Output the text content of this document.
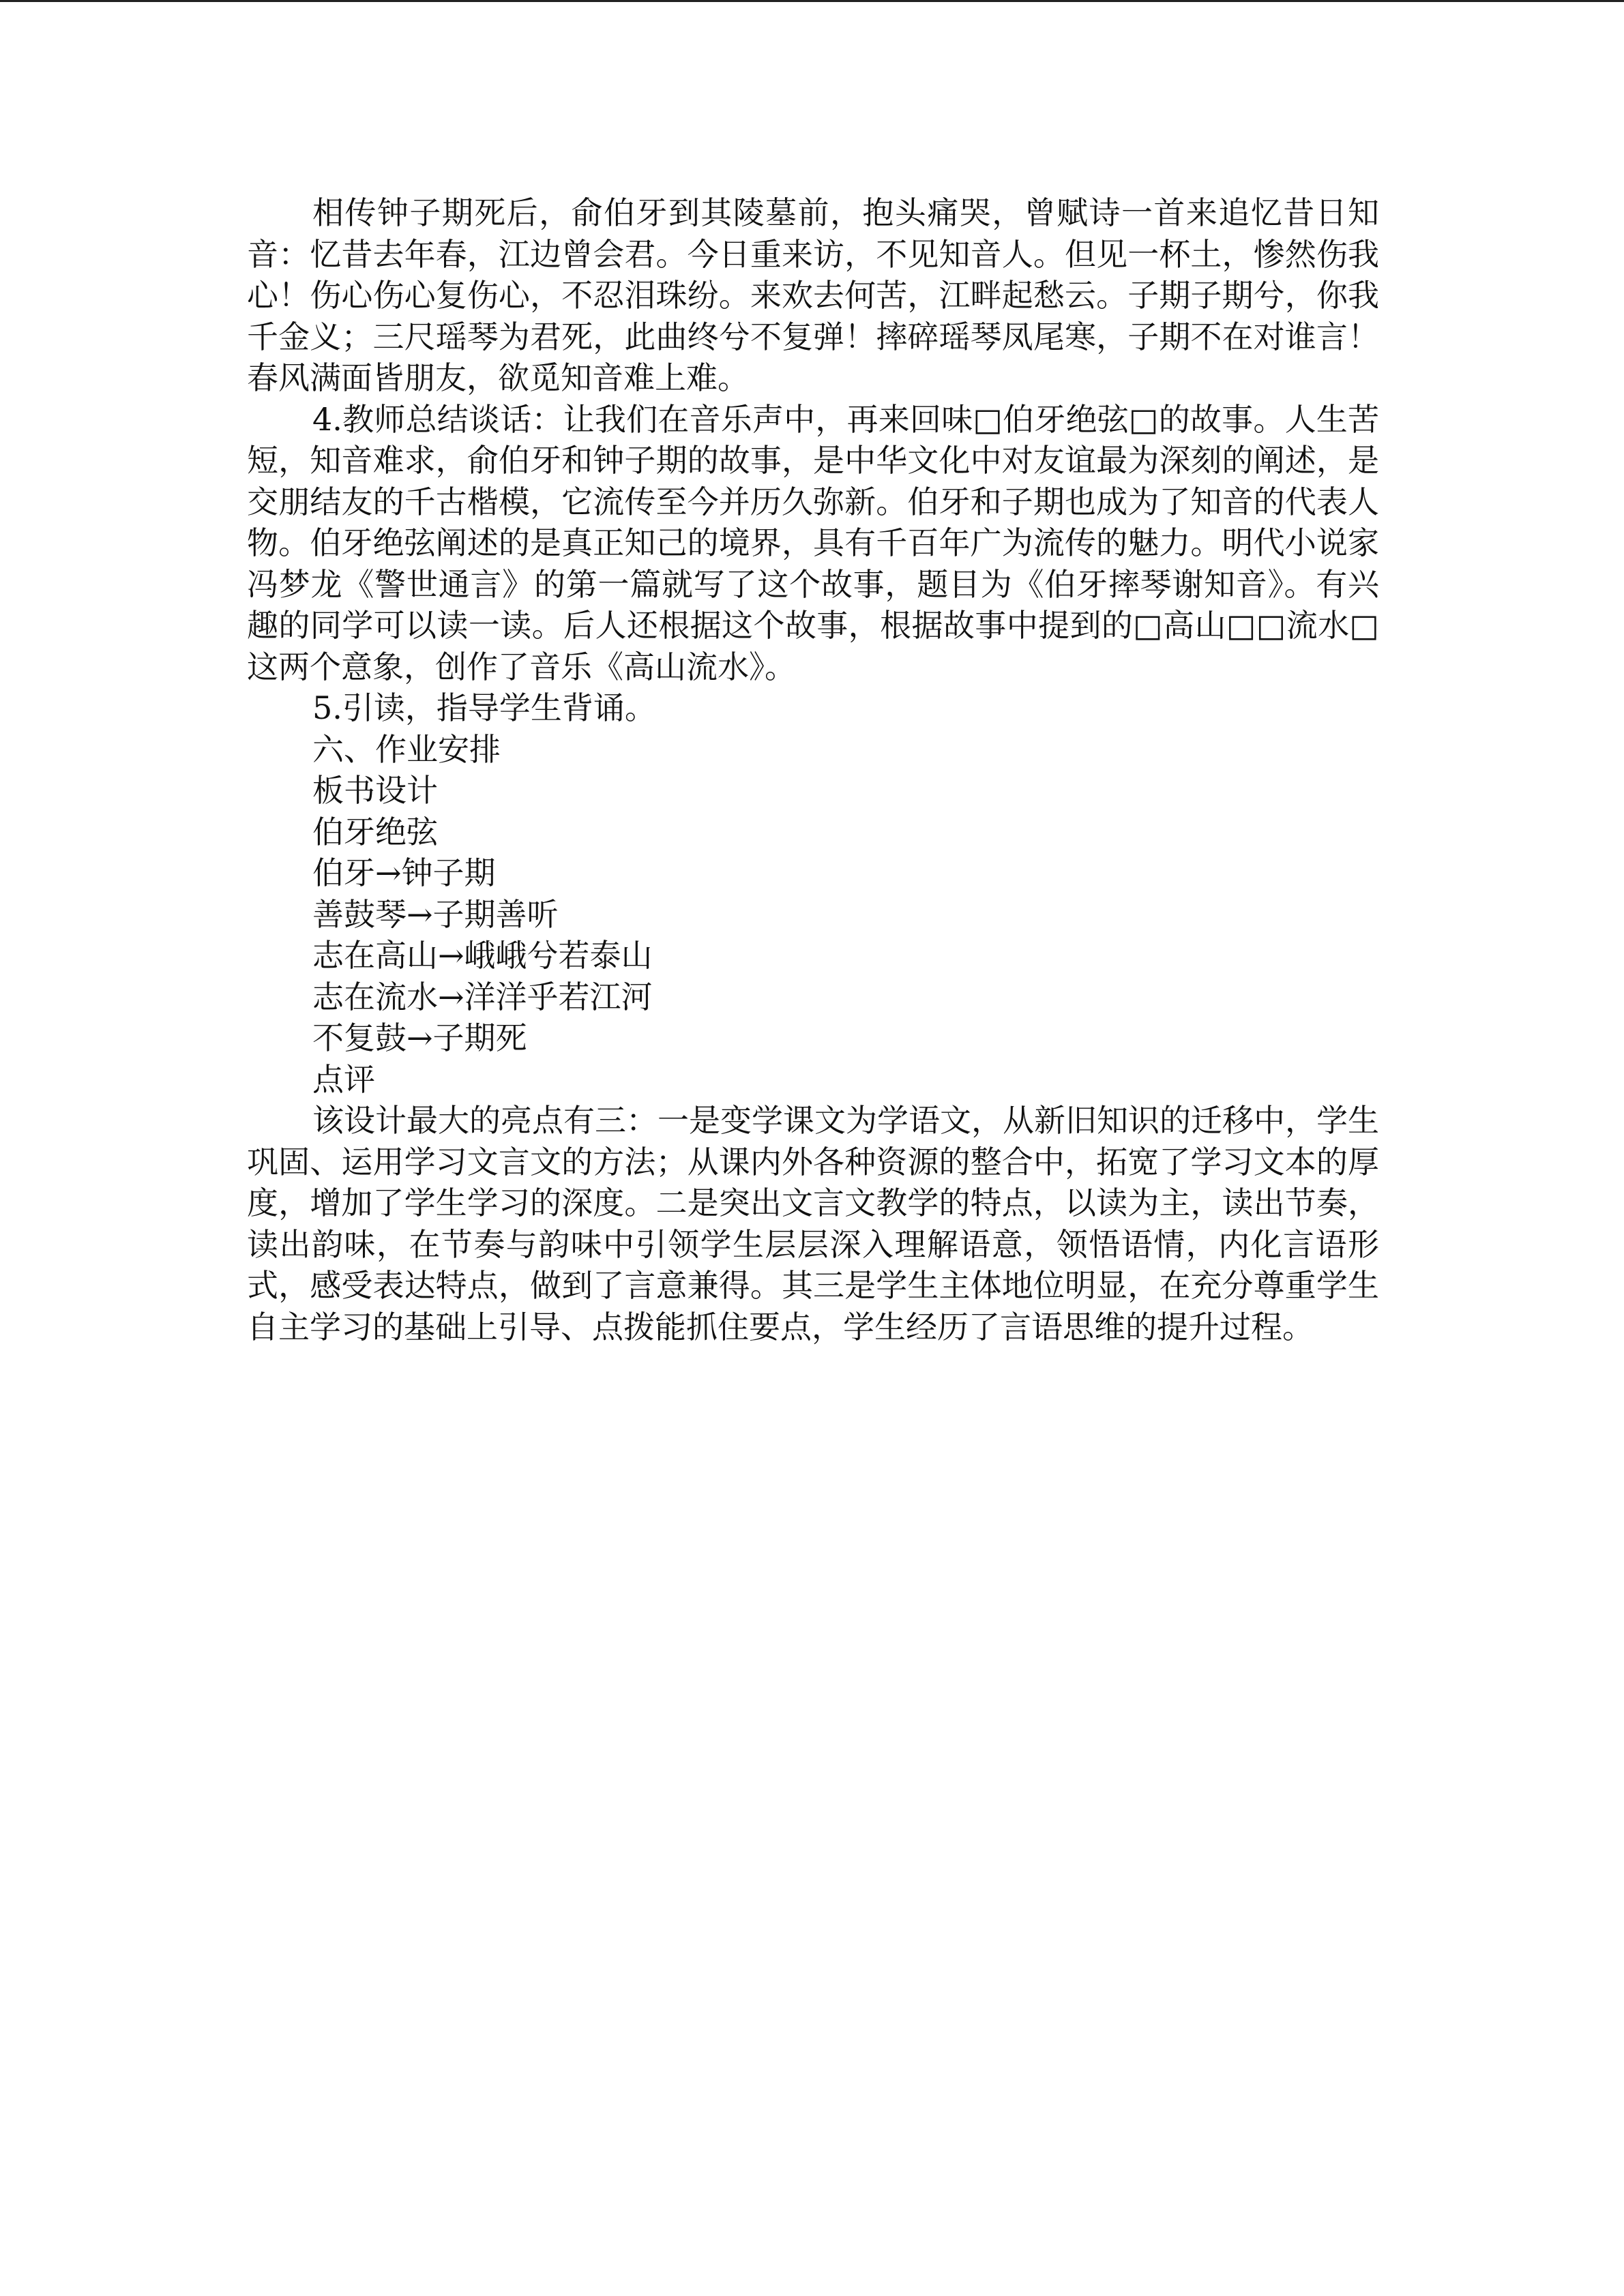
相传钟子期死后，俞伯牙到其陵墓前，抱头痛哭，曾赋诗一首来追忆昔日知音：忆昔去年春，江边曾会君。今日重来访，不见知音人。但见一杯土，惨然伤我心！伤心伤心复伤心，不忍泪珠纷。来欢去何苦，江畔起愁云。子期子期兮，你我千金义；三尺瑶琴为君死，此曲终兮不复弹！摔碎瑶琴凤尾寒，子期不在对谁言！春风满面皆朋友，欲觅知音难上难。

4.教师总结谈话：让我们在音乐声中，再来回味□伯牙绝弦□的故事。人生苦短，知音难求，俞伯牙和钟子期的故事，是中华文化中对友谊最为深刻的阐述，是交朋结友的千古楷模，它流传至今并历久弥新。伯牙和子期也成为了知音的代表人物。伯牙绝弦阐述的是真正知己的境界，具有千百年广为流传的魅力。明代小说家冯梦龙《警世通言》的第一篇就写了这个故事，题目为《伯牙摔琴谢知音》。有兴趣的同学可以读一读。后人还根据这个故事，根据故事中提到的□高山□□流水□这两个意象，创作了音乐《高山流水》。

5.引读，指导学生背诵。

六、作业安排

板书设计

伯牙绝弦

伯牙→钟子期

善鼓琴→子期善听

志在高山→峨峨兮若泰山

志在流水→洋洋乎若江河

不复鼓→子期死

点评

该设计最大的亮点有三：一是变学课文为学语文，从新旧知识的迁移中，学生巩固、运用学习文言文的方法；从课内外各种资源的整合中，拓宽了学习文本的厚度，增加了学生学习的深度。二是突出文言文教学的特点，以读为主，读出节奏，读出韵味，在节奏与韵味中引领学生层层深入理解语意，领悟语情，内化言语形式，感受表达特点，做到了言意兼得。其三是学生主体地位明显，在充分尊重学生自主学习的基础上引导、点拨能抓住要点，学生经历了言语思维的提升过程。
